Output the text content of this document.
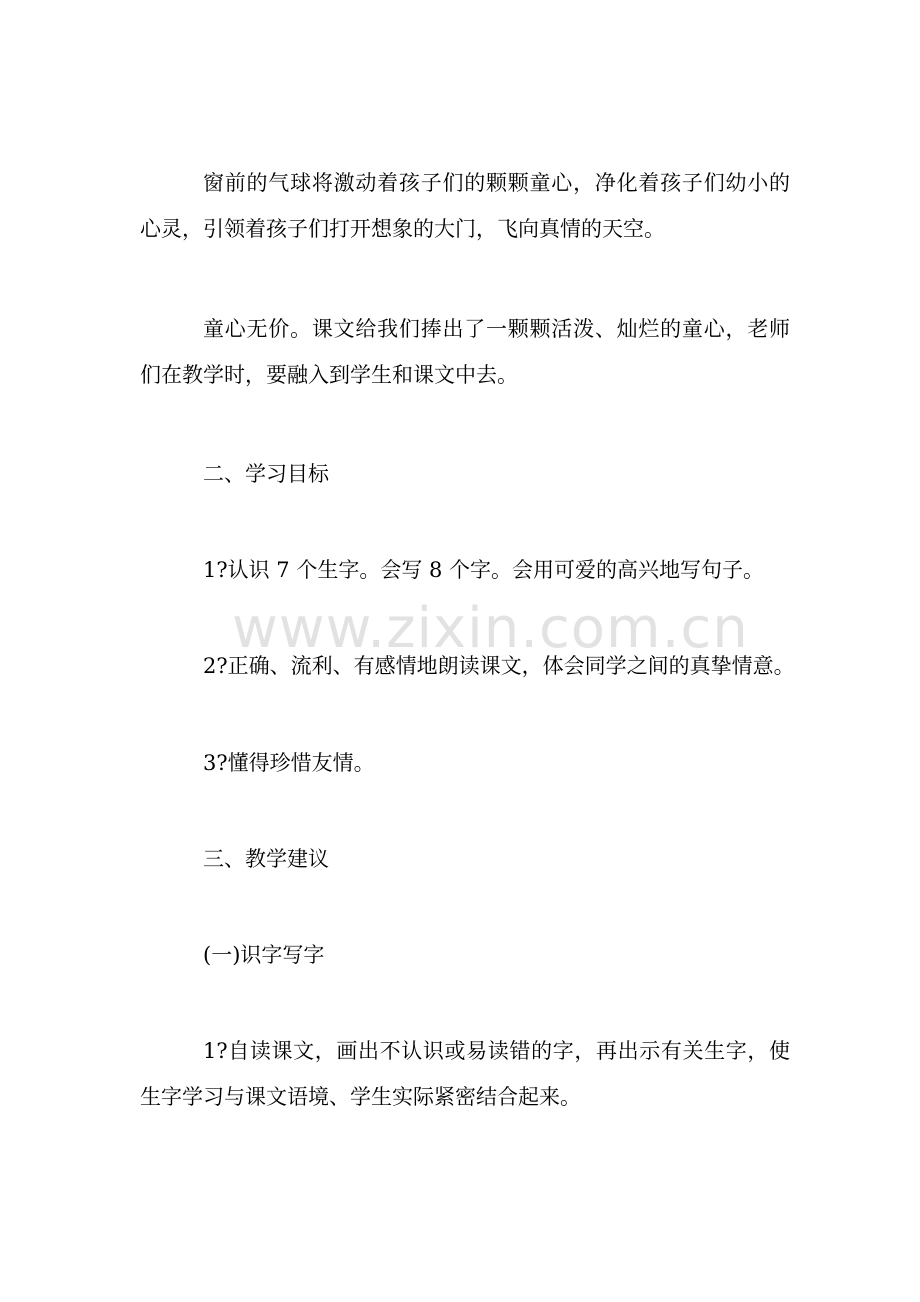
窗前的气球将激动着孩子们的颗颗童心，净化着孩子们幼小的心灵，引领着孩子们打开想象的大门，飞向真情的天空。

童心无价。课文给我们捧出了一颗颗活泼、灿烂的童心，老师们在教学时，要融入到学生和课文中去。

二、学习目标

1?认识 7 个生字。会写 8 个字。会用可爱的高兴地写句子。

2?正确、流利、有感情地朗读课文，体会同学之间的真挚情意。

3?懂得珍惜友情。

三、教学建议

(一)识字写字

1?自读课文，画出不认识或易读错的字，再出示有关生字，使生字学习与课文语境、学生实际紧密结合起来。

www.zixin.com.cn
